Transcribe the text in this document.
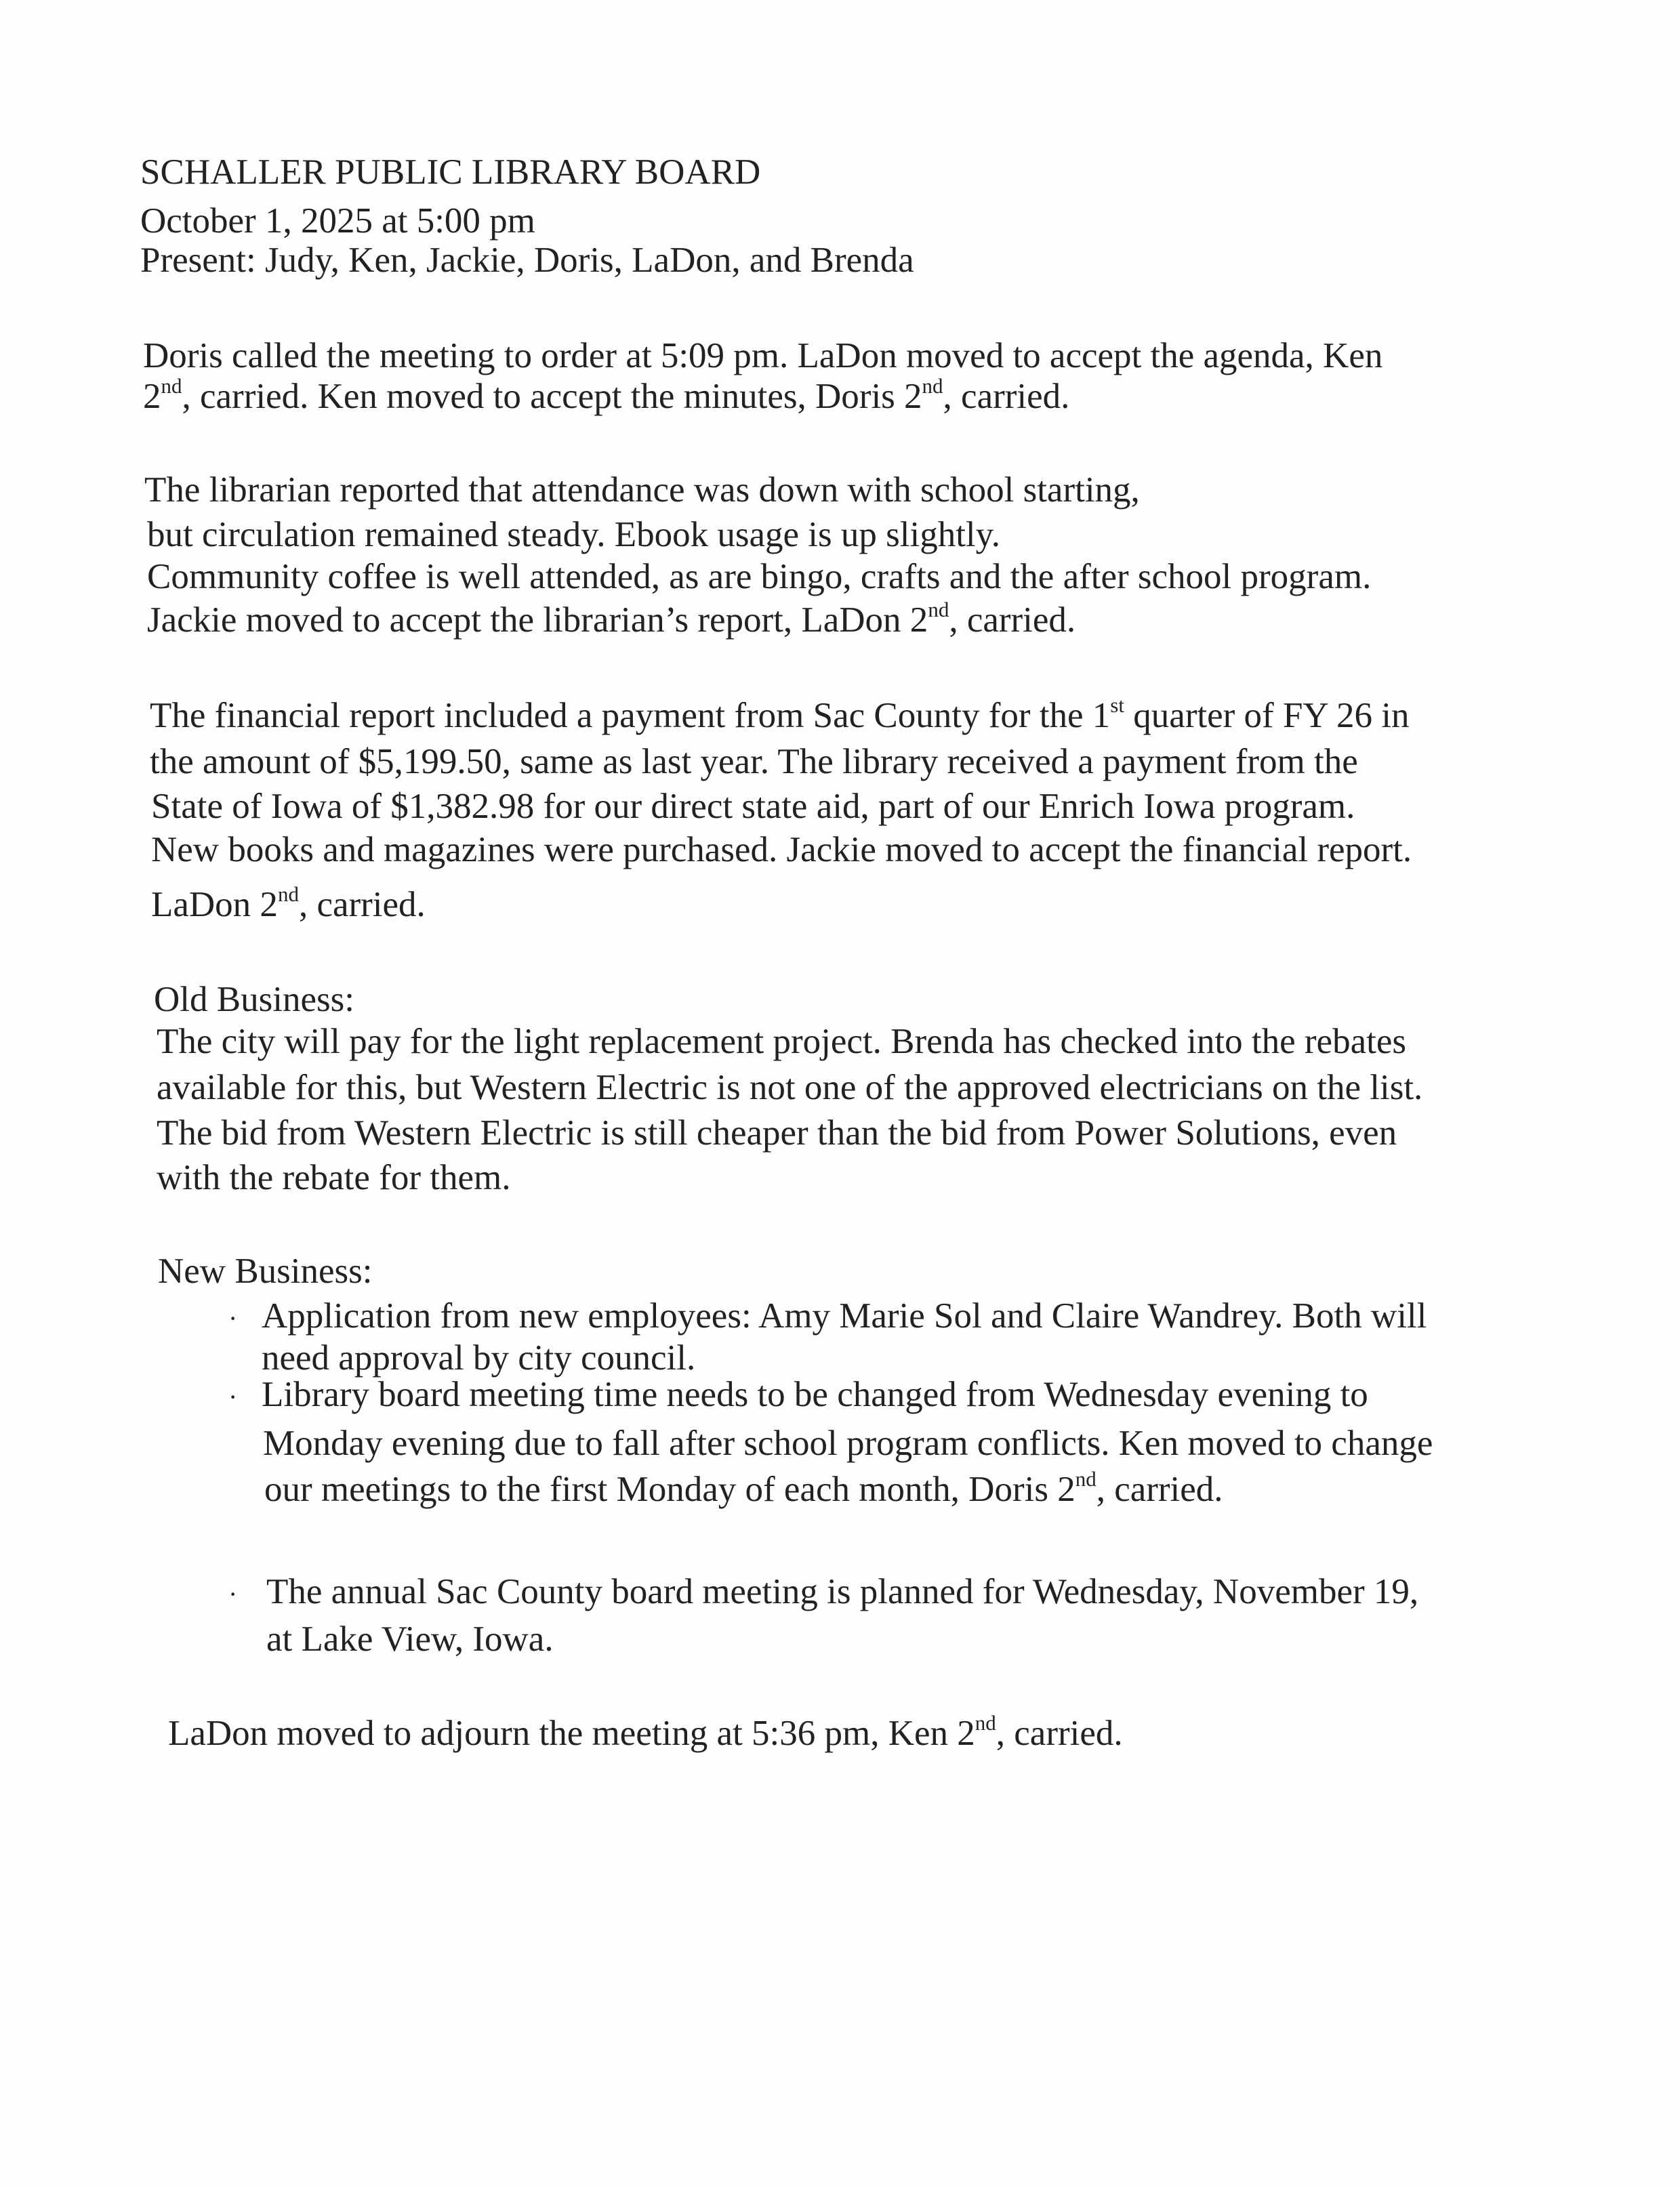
SCHALLER PUBLIC LIBRARY BOARD
October 1, 2025 at 5:00 pm
Present: Judy, Ken, Jackie, Doris, LaDon, and Brenda
Doris called the meeting to order at 5:09 pm. LaDon moved to accept the agenda, Ken
2nd, carried. Ken moved to accept the minutes, Doris 2nd, carried.
The librarian reported that attendance was down with school starting,
but circulation remained steady. Ebook usage is up slightly.
Community coffee is well attended, as are bingo, crafts and the after school program.
Jackie moved to accept the librarian’s report, LaDon 2nd, carried.
The financial report included a payment from Sac County for the 1st quarter of FY 26 in
the amount of $5,199.50, same as last year. The library received a payment from the
State of Iowa of $1,382.98 for our direct state aid, part of our Enrich Iowa program.
New books and magazines were purchased. Jackie moved to accept the financial report.
LaDon 2nd, carried.
Old Business:
The city will pay for the light replacement project. Brenda has checked into the rebates
available for this, but Western Electric is not one of the approved electricians on the list.
The bid from Western Electric is still cheaper than the bid from Power Solutions, even
with the rebate for them.
New Business:
Application from new employees: Amy Marie Sol and Claire Wandrey. Both will
·
need approval by city council.
Library board meeting time needs to be changed from Wednesday evening to
·
Monday evening due to fall after school program conflicts. Ken moved to change
our meetings to the first Monday of each month, Doris 2nd, carried.
The annual Sac County board meeting is planned for Wednesday, November 19,
·
at Lake View, Iowa.
LaDon moved to adjourn the meeting at 5:36 pm, Ken 2nd, carried.
